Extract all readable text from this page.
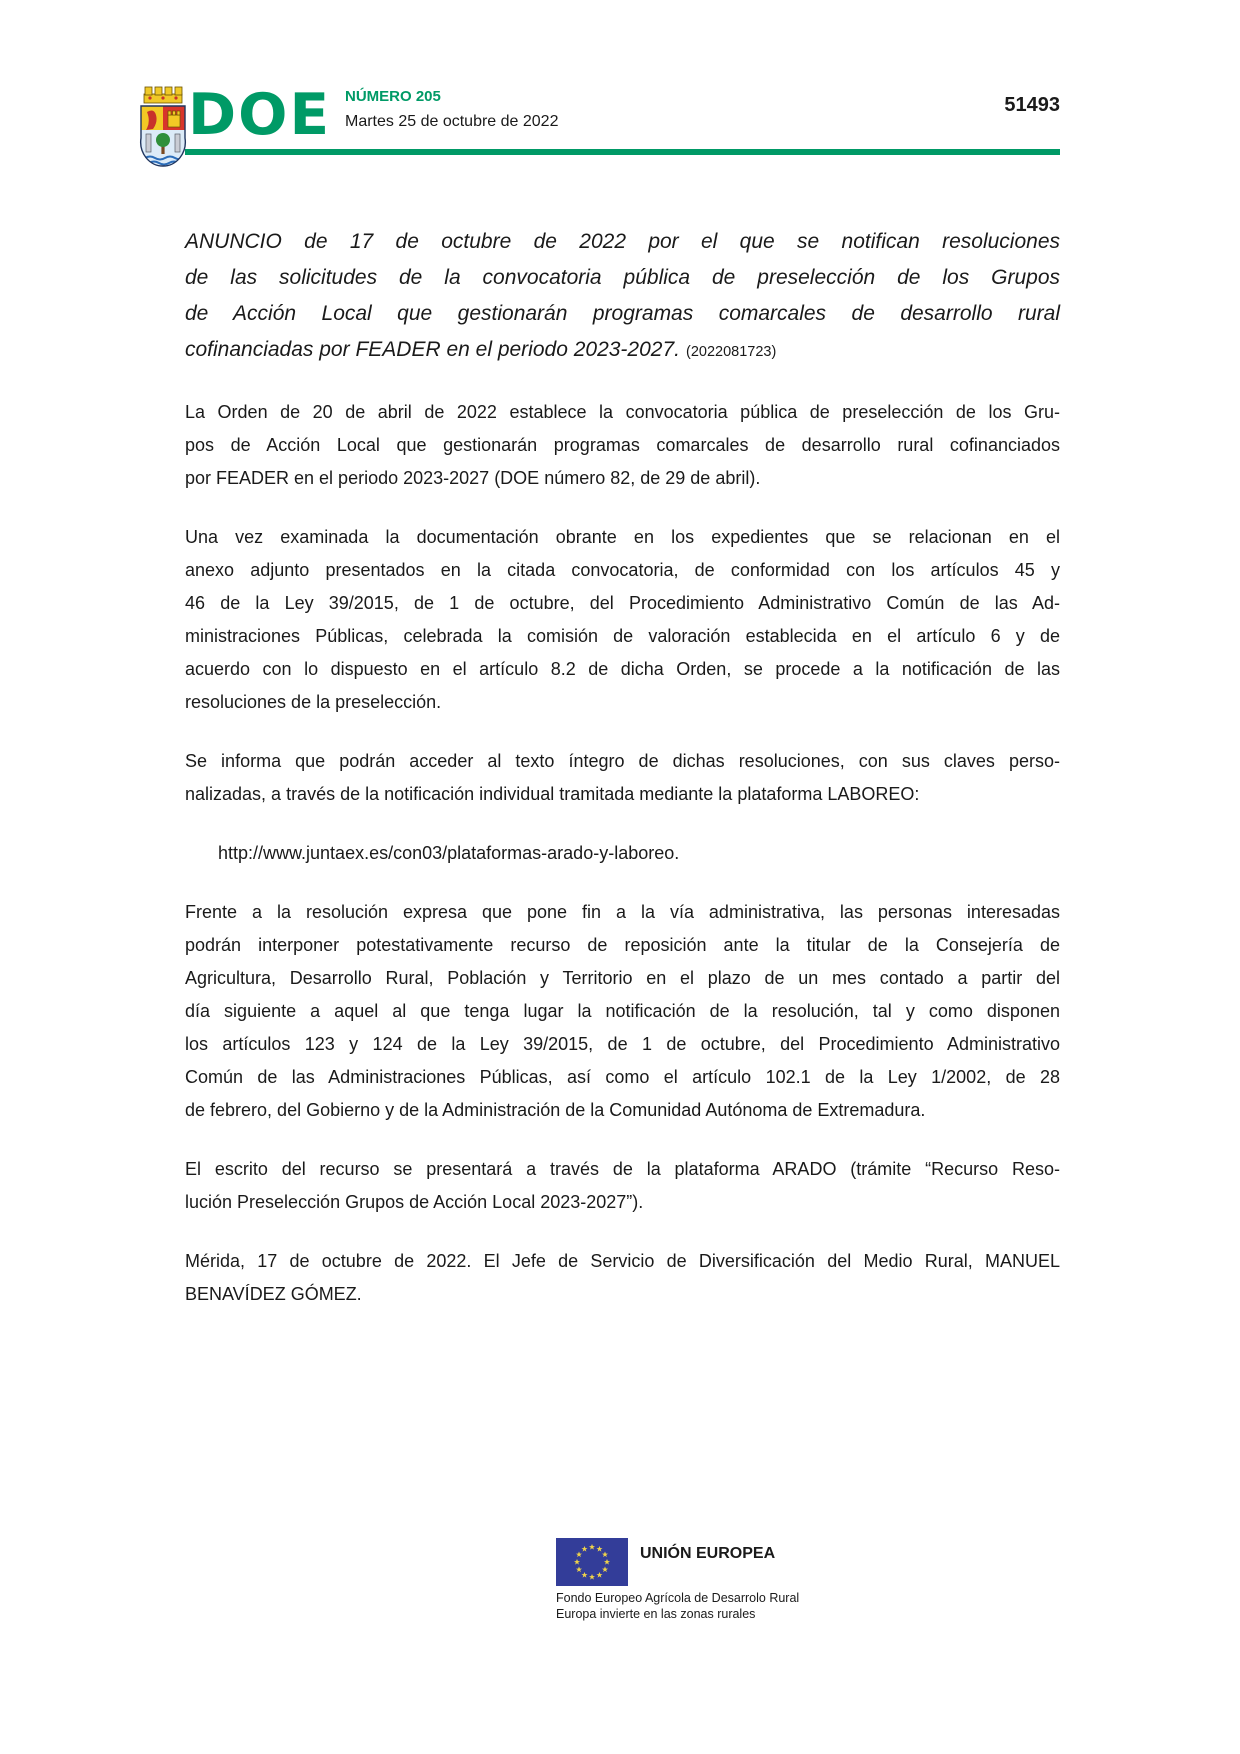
DOE NÚMERO 205
Martes 25 de octubre de 2022
51493
ANUNCIO de 17 de octubre de 2022 por el que se notifican resoluciones
de las solicitudes de la convocatoria pública de preselección de los Grupos
de Acción Local que gestionarán programas comarcales de desarrollo rural
cofinanciadas por FEADER en el periodo 2023-2027. (2022081723)
La Orden de 20 de abril de 2022 establece la convocatoria pública de preselección de los Gru-
pos de Acción Local que gestionarán programas comarcales de desarrollo rural cofinanciados
por FEADER en el periodo 2023-2027 (DOE número 82, de 29 de abril).
Una vez examinada la documentación obrante en los expedientes que se relacionan en el
anexo adjunto presentados en la citada convocatoria, de conformidad con los artículos 45 y
46 de la Ley 39/2015, de 1 de octubre, del Procedimiento Administrativo Común de las Ad-
ministraciones Públicas, celebrada la comisión de valoración establecida en el artículo 6 y de
acuerdo con lo dispuesto en el artículo 8.2 de dicha Orden, se procede a la notificación de las
resoluciones de la preselección.
Se informa que podrán acceder al texto íntegro de dichas resoluciones, con sus claves perso-
nalizadas, a través de la notificación individual tramitada mediante la plataforma LABOREO:
http://www.juntaex.es/con03/plataformas-arado-y-laboreo.
Frente a la resolución expresa que pone fin a la vía administrativa, las personas interesadas
podrán interponer potestativamente recurso de reposición ante la titular de la Consejería de
Agricultura, Desarrollo Rural, Población y Territorio en el plazo de un mes contado a partir del
día siguiente a aquel al que tenga lugar la notificación de la resolución, tal y como disponen
los artículos 123 y 124 de la Ley 39/2015, de 1 de octubre, del Procedimiento Administrativo
Común de las Administraciones Públicas, así como el artículo 102.1 de la Ley 1/2002, de 28
de febrero, del Gobierno y de la Administración de la Comunidad Autónoma de Extremadura.
El escrito del recurso se presentará a través de la plataforma ARADO (trámite “Recurso Reso-
lución Preselección Grupos de Acción Local 2023-2027”).
Mérida, 17 de octubre de 2022. El Jefe de Servicio de Diversificación del Medio Rural, MANUEL
BENAVÍDEZ GÓMEZ.
UNIÓN EUROPEA
Fondo Europeo Agrícola de Desarrolo Rural
Europa invierte en las zonas rurales
